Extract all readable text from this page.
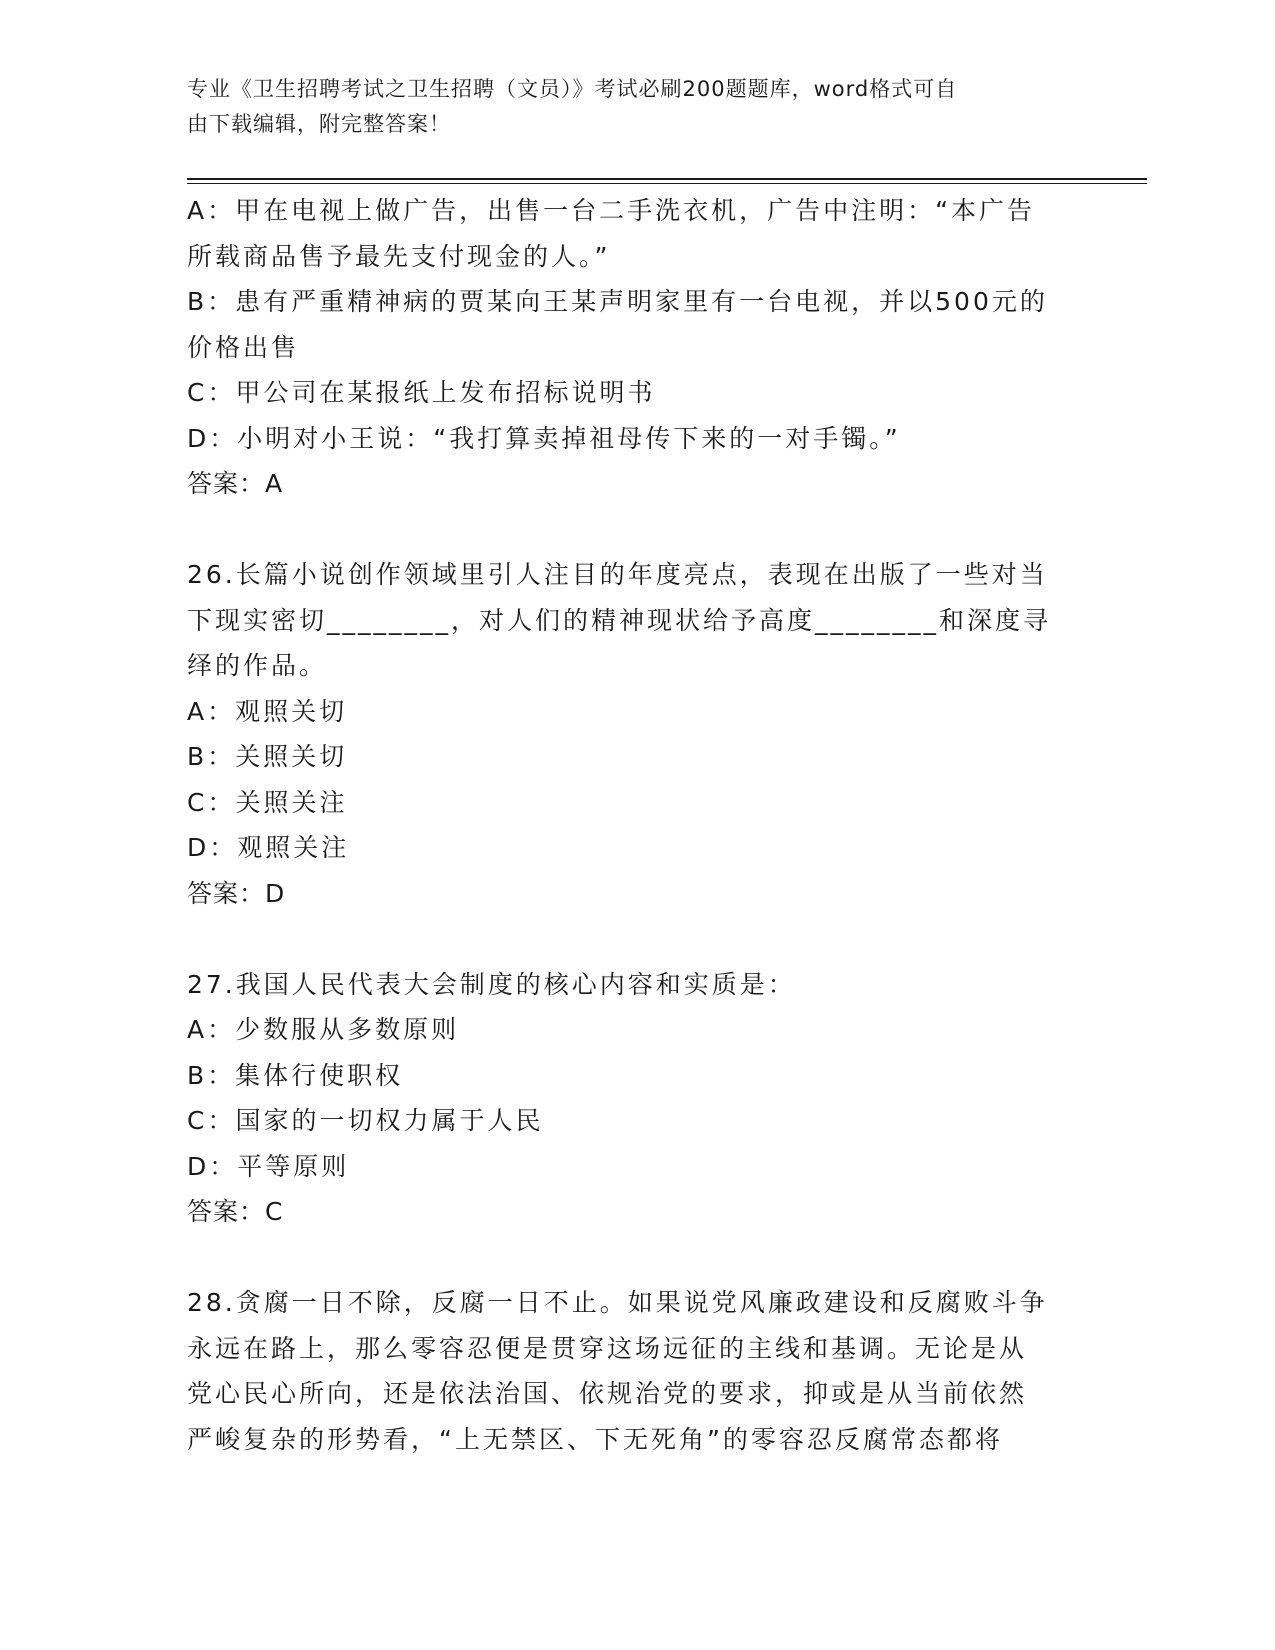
专业《卫生招聘考试之卫生招聘（文员）》考试必刷200题题库，word格式可自
由下载编辑，附完整答案！
A：甲在电视上做广告，出售一台二手洗衣机，广告中注明：“本广告
所载商品售予最先支付现金的人。”
B：患有严重精神病的贾某向王某声明家里有一台电视，并以500元的
价格出售
C：甲公司在某报纸上发布招标说明书
D：小明对小王说：“我打算卖掉祖母传下来的一对手镯。”
答案：A
26.长篇小说创作领域里引人注目的年度亮点，表现在出版了一些对当
下现实密切________，对人们的精神现状给予高度________和深度寻
绎的作品。
A：观照关切
B：关照关切
C：关照关注
D：观照关注
答案：D
27.我国人民代表大会制度的核心内容和实质是：
A：少数服从多数原则
B：集体行使职权
C：国家的一切权力属于人民
D：平等原则
答案：C
28.贪腐一日不除，反腐一日不止。如果说党风廉政建设和反腐败斗争
永远在路上，那么零容忍便是贯穿这场远征的主线和基调。无论是从
党心民心所向，还是依法治国、依规治党的要求，抑或是从当前依然
严峻复杂的形势看，“上无禁区、下无死角”的零容忍反腐常态都将
